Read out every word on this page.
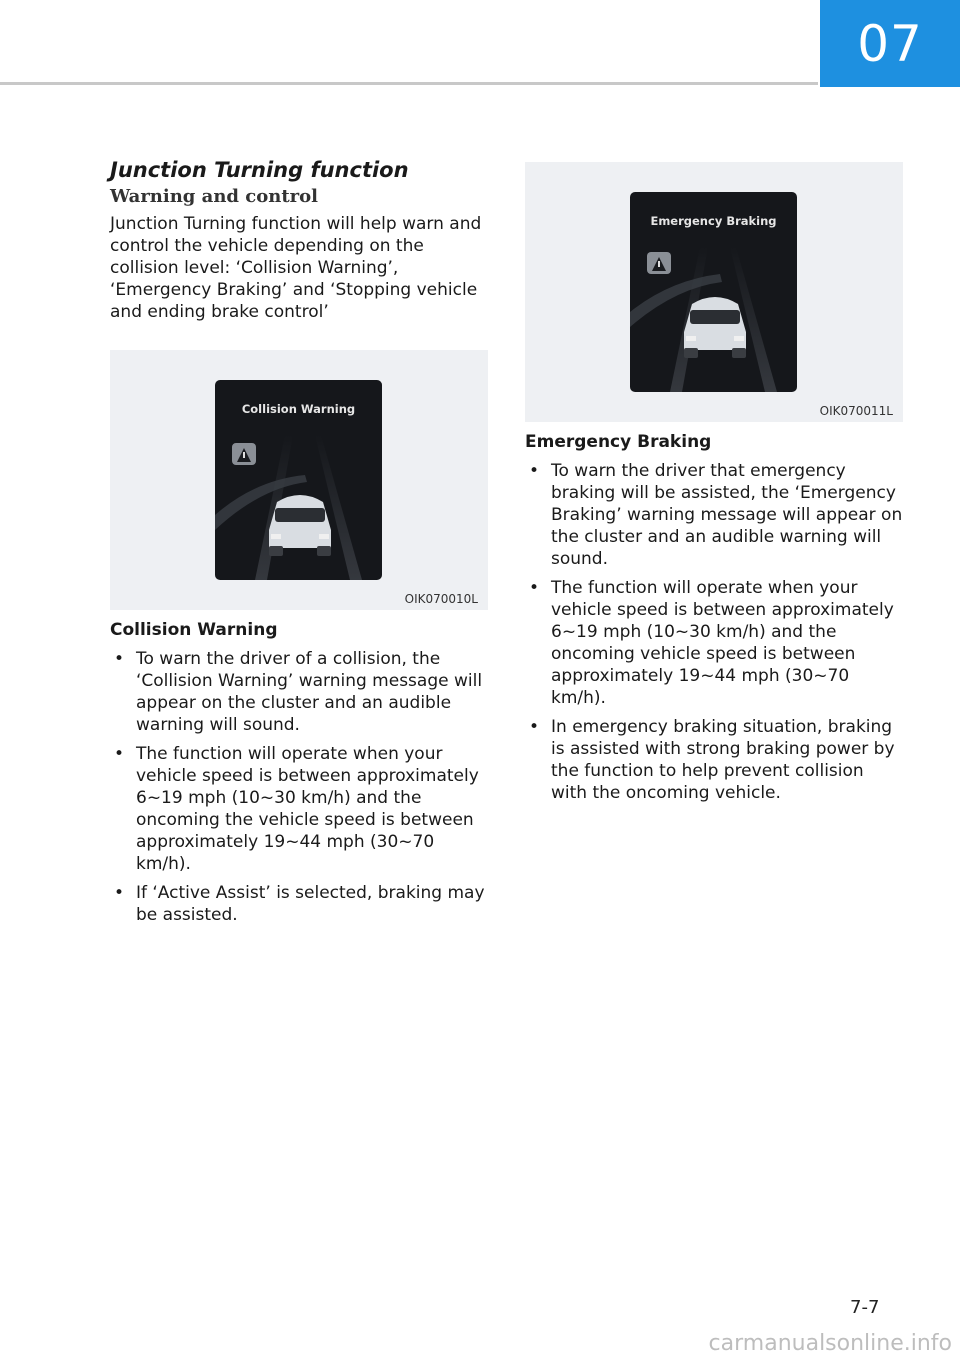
07
Junction Turning function
Warning and control

Junction Turning function will help warn and control the vehicle depending on the collision level: ‘Collision Warning’, ‘Emergency Braking’ and ‘Stopping vehicle and ending brake control’

Collision Warning
OIK070010L
Collision Warning
• To warn the driver of a collision, the ‘Collision Warning’ warning message will appear on the cluster and an audible warning will sound.
• The function will operate when your vehicle speed is between approximately 6~19 mph (10~30 km/h) and the oncoming the vehicle speed is between approximately 19~44 mph (30~70 km/h).
• If ‘Active Assist’ is selected, braking may be assisted.
Emergency Braking
OIK070011L
Emergency Braking
• To warn the driver that emergency braking will be assisted, the ‘Emergency Braking’ warning message will appear on the cluster and an audible warning will sound.
• The function will operate when your vehicle speed is between approximately 6~19 mph (10~30 km/h) and the oncoming vehicle speed is between approximately 19~44 mph (30~70 km/h).
• In emergency braking situation, braking is assisted with strong braking power by the function to help prevent collision with the oncoming vehicle.
7-7
carmanualsonline.info
